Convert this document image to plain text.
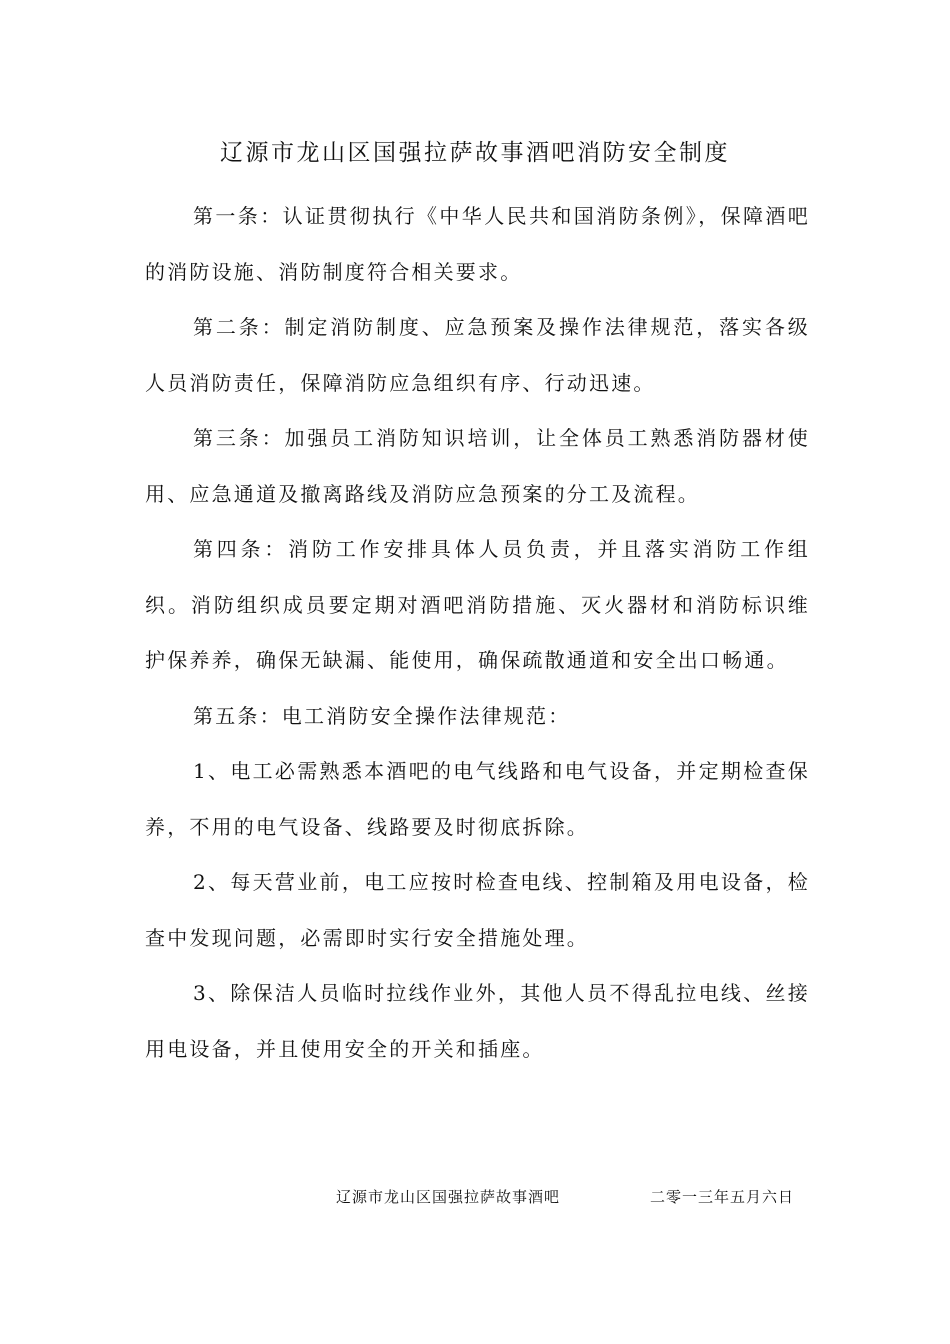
辽源市龙山区国强拉萨故事酒吧消防安全制度

第一条：认证贯彻执行《中华人民共和国消防条例》，保障酒吧的消防设施、消防制度符合相关要求。

第二条：制定消防制度、应急预案及操作法律规范，落实各级人员消防责任，保障消防应急组织有序、行动迅速。

第三条：加强员工消防知识培训，让全体员工熟悉消防器材使用、应急通道及撤离路线及消防应急预案的分工及流程。

第四条：消防工作安排具体人员负责，并且落实消防工作组织。消防组织成员要定期对酒吧消防措施、灭火器材和消防标识维护保养养，确保无缺漏、能使用，确保疏散通道和安全出口畅通。

第五条：电工消防安全操作法律规范：

1、电工必需熟悉本酒吧的电气线路和电气设备，并定期检查保养，不用的电气设备、线路要及时彻底拆除。

2、每天营业前，电工应按时检查电线、控制箱及用电设备，检查中发现问题，必需即时实行安全措施处理。

3、除保洁人员临时拉线作业外，其他人员不得乱拉电线、丝接用电设备，并且使用安全的开关和插座。

辽源市龙山区国强拉萨故事酒吧	二零一三年五月六日
